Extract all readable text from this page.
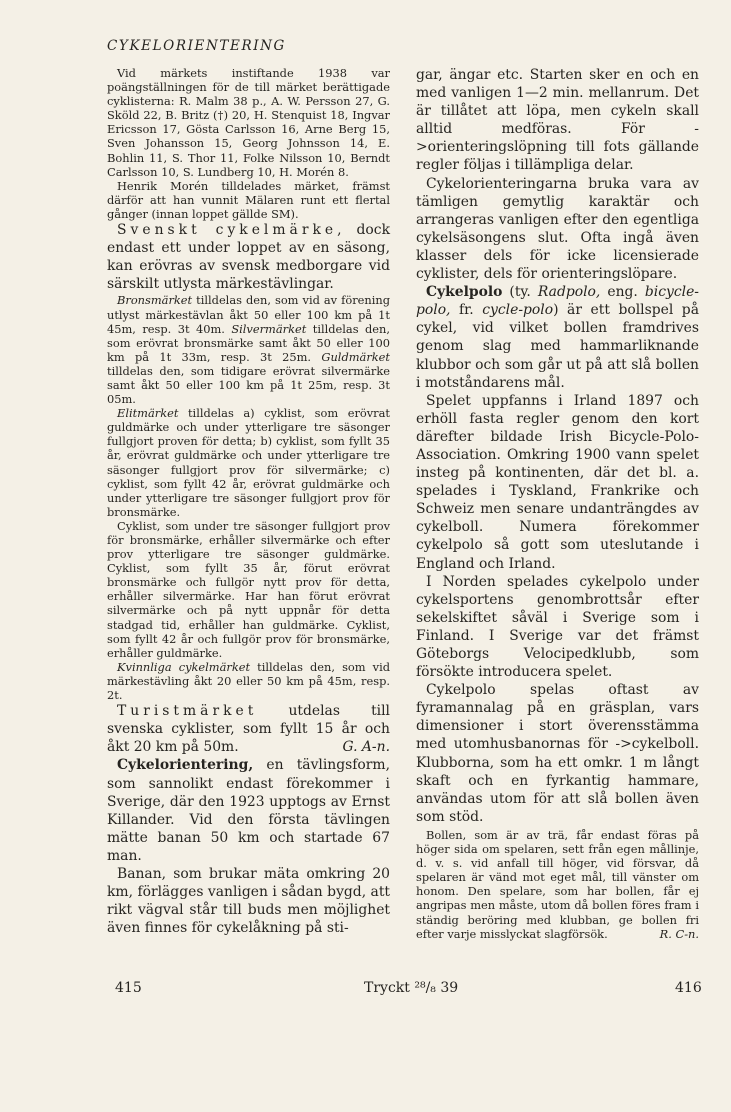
CYKELORIENTERING

Vid märkets instiftande 1938 var poängställningen för de till märket berättigade cyklisterna: R. Malm 38 p., A. W. Persson 27, G. Sköld 22, B. Britz (†) 20, H. Stenquist 18, Ingvar Ericsson 17, Gösta Carlsson 16, Arne Berg 15, Sven Johansson 15, Georg Johnsson 14, E. Bohlin 11, S. Thor 11, Folke Nilsson 10, Berndt Carlsson 10, S. Lundberg 10, H. Morén 8.

Henrik Morén tilldelades märket, främst därför att han vunnit Mälaren runt ett flertal gånger (innan loppet gällde SM).

Svenskt cykelmärke, dock endast ett under loppet av en säsong, kan erövras av svensk medborgare vid särskilt utlysta märkestävlingar.

Bronsmärket tilldelas den, som vid av förening utlyst märkestävlan åkt 50 eller 100 km på 1t 45m, resp. 3t 40m. Silvermärket tilldelas den, som erövrat bronsmärke samt åkt 50 eller 100 km på 1t 33m, resp. 3t 25m. Guldmärket tilldelas den, som tidigare erövrat silvermärke samt åkt 50 eller 100 km på 1t 25m, resp. 3t 05m.

Elitmärket tilldelas a) cyklist, som erövrat guldmärke och under ytterligare tre säsonger fullgjort proven för detta; b) cyklist, som fyllt 35 år, erövrat guldmärke och under ytterligare tre säsonger fullgjort prov för silvermärke; c) cyklist, som fyllt 42 år, erövrat guldmärke och under ytterligare tre säsonger fullgjort prov för bronsmärke.

Cyklist, som under tre säsonger fullgjort prov för bronsmärke, erhåller silvermärke och efter prov ytterligare tre säsonger guldmärke. Cyklist, som fyllt 35 år, förut erövrat bronsmärke och fullgör nytt prov för detta, erhåller silvermärke. Har han förut erövrat silvermärke och på nytt uppnår för detta stadgad tid, erhåller han guldmärke. Cyklist, som fyllt 42 år och fullgör prov för bronsmärke, erhåller guldmärke.

Kvinnliga cykelmärket tilldelas den, som vid märkestävling åkt 20 eller 50 km på 45m, resp. 2t.

Turistmärket utdelas till svenska cyklister, som fyllt 15 år och åkt 20 km på 50m.	G. A-n.

Cykelorientering, en tävlingsform, som sannolikt endast förekommer i Sverige, där den 1923 upptogs av Ernst Killander. Vid den första tävlingen mätte banan 50 km och startade 67 man.

Banan, som brukar mäta omkring 20 km, förlägges vanligen i sådan bygd, att rikt vägval står till buds men möjlighet även finnes för cykelåkning på sti-

gar, ängar etc. Starten sker en och en med vanligen 1—2 min. mellanrum. Det är tillåtet att löpa, men cykeln skall alltid medföras. För ->orienteringslöpning till fots gällande regler följas i tillämpliga delar.

Cykelorienteringarna bruka vara av tämligen gemytlig karaktär och arrangeras vanligen efter den egentliga cykelsäsongens slut. Ofta ingå även klasser dels för icke licensierade cyklister, dels för orienteringslöpare.

Cykelpolo (ty. Radpolo, eng. bicycle-polo, fr. cycle-polo) är ett bollspel på cykel, vid vilket bollen framdrives genom slag med hammarliknande klubbor och som går ut på att slå bollen i motståndarens mål.

Spelet uppfanns i Irland 1897 och erhöll fasta regler genom den kort därefter bildade Irish Bicycle-Polo-Association. Omkring 1900 vann spelet insteg på kontinenten, där det bl. a. spelades i Tyskland, Frankrike och Schweiz men senare undanträngdes av cykelboll. Numera förekommer cykelpolo så gott som uteslutande i England och Irland.

I Norden spelades cykelpolo under cykelsportens genombrottsår efter sekelskiftet såväl i Sverige som i Finland. I Sverige var det främst Göteborgs Velocipedklubb, som försökte introducera spelet.

Cykelpolo spelas oftast av fyramannalag på en gräsplan, vars dimensioner i stort överensstämma med utomhusbanornas för ->cykelboll. Klubborna, som ha ett omkr. 1 m långt skaft och en fyrkantig hammare, användas utom för att slå bollen även som stöd.

Bollen, som är av trä, får endast föras på höger sida om spelaren, sett från egen mållinje, d. v. s. vid anfall till höger, vid försvar, då spelaren är vänd mot eget mål, till vänster om honom. Den spelare, som har bollen, får ej angripas men måste, utom då bollen föres fram i ständig beröring med klubban, ge bollen fri efter varje misslyckat slagförsök.	R. C-n.

415	Tryckt ²⁸/₈ 39	416
